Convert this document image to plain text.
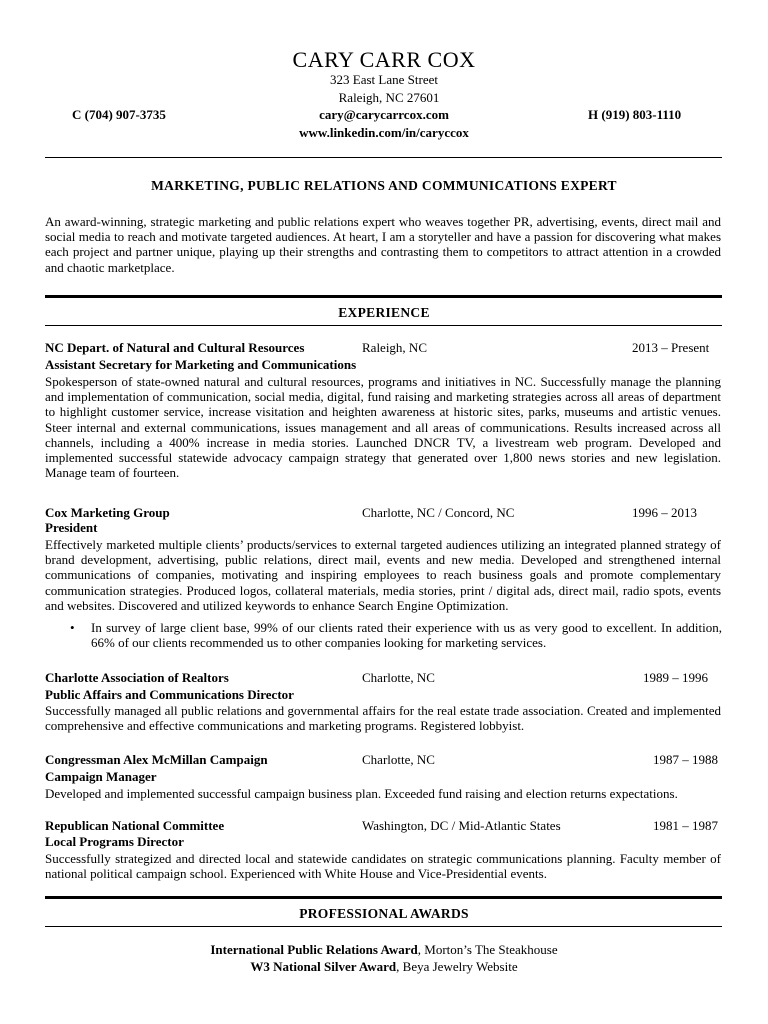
CARY CARR COX
323 East Lane Street
Raleigh, NC 27601
C (704) 907-3735	cary@carycarrcox.com	H (919) 803-1110
www.linkedin.com/in/caryccox
MARKETING, PUBLIC RELATIONS AND COMMUNICATIONS EXPERT
An award-winning, strategic marketing and public relations expert who weaves together PR, advertising, events, direct mail and social media to reach and motivate targeted audiences. At heart, I am a storyteller and have a passion for discovering what makes each project and partner unique, playing up their strengths and contrasting them to competitors to attract attention in a crowded and chaotic marketplace.
EXPERIENCE
NC Depart. of Natural and Cultural Resources	Raleigh, NC	2013 – Present
Assistant Secretary for Marketing and Communications
Spokesperson of state-owned natural and cultural resources, programs and initiatives in NC. Successfully manage the planning and implementation of communication, social media, digital, fund raising and marketing strategies across all areas of department to highlight customer service, increase visitation and heighten awareness at historic sites, parks, museums and artistic venues. Steer internal and external communications, issues management and all areas of communications. Results increased across all channels, including a 400% increase in media stories. Launched DNCR TV, a livestream web program. Developed and implemented successful statewide advocacy campaign strategy that generated over 1,800 news stories and new legislation. Manage team of fourteen.
Cox Marketing Group	Charlotte, NC / Concord, NC	1996 – 2013
President
Effectively marketed multiple clients’ products/services to external targeted audiences utilizing an integrated planned strategy of brand development, advertising, public relations, direct mail, events and new media. Developed and strengthened internal communications of companies, motivating and inspiring employees to reach business goals and promote complementary communication strategies. Produced logos, collateral materials, media stories, print / digital ads, direct mail, radio spots, events and websites. Discovered and utilized keywords to enhance Search Engine Optimization.
• In survey of large client base, 99% of our clients rated their experience with us as very good to excellent. In addition, 66% of our clients recommended us to other companies looking for marketing services.
Charlotte Association of Realtors	Charlotte, NC	1989 – 1996
Public Affairs and Communications Director
Successfully managed all public relations and governmental affairs for the real estate trade association. Created and implemented comprehensive and effective communications and marketing programs. Registered lobbyist.
Congressman Alex McMillan Campaign	Charlotte, NC	1987 – 1988
Campaign Manager
Developed and implemented successful campaign business plan. Exceeded fund raising and election returns expectations.
Republican National Committee	Washington, DC / Mid-Atlantic States	1981 – 1987
Local Programs Director
Successfully strategized and directed local and statewide candidates on strategic communications planning. Faculty member of national political campaign school. Experienced with White House and Vice-Presidential events.
PROFESSIONAL AWARDS
International Public Relations Award, Morton’s The Steakhouse
W3 National Silver Award, Beya Jewelry Website
